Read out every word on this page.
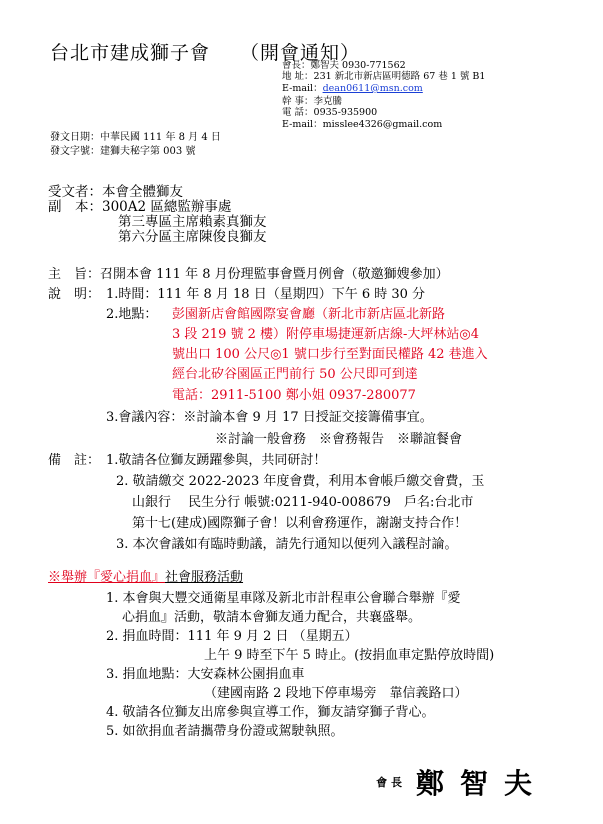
台北市建成獅子會 （開會通知）
會長：鄭智夫 0930-771562
地 址：231 新北市新店區明德路 67 巷 1 號 B1
E-mail：dean0611@msn.com
幹 事：李克騰
電 話：0935-935900
E-mail：misslee4326@gmail.com
發文日期：中華民國 111 年 8 月 4 日
發文字號：建獅夫秘字第 003 號
受文者：本會全體獅友
副　本：300A2 區總監辦事處
第三專區主席賴素真獅友
第六分區主席陳俊良獅友
主　旨：召開本會 111 年 8 月份理監事會暨月例會（敬邀獅嫂參加）
說　明： 1.時間：111 年 8 月 18 日（星期四）下午 6 時 30 分
2.地點： 彭園新店會館國際宴會廳（新北市新店區北新路
3 段 219 號 2 樓）附停車場捷運新店線-大坪林站◎4
號出口 100 公尺◎1 號口步行至對面民權路 42 巷進入
經台北矽谷園區正門前行 50 公尺即可到達
電話：2911-5100 鄭小姐 0937-280077
3.會議內容：※討論本會 9 月 17 日授証交接籌備事宜。
※討論一般會務　※會務報告　※聯誼餐會
備　註： 1.敬請各位獅友踴躍參與，共同研討！
2. 敬請繳交 2022-2023 年度會費，利用本會帳戶繳交會費，玉
山銀行　 民生分行 帳號:0211-940-008679　戶名:台北市
第十七(建成)國際獅子會！以利會務運作，謝謝支持合作！
3. 本次會議如有臨時動議，請先行通知以便列入議程討論。
※舉辦『愛心捐血』社會服務活動
1. 本會與大豐交通衛星車隊及新北市計程車公會聯合舉辦『愛
心捐血』活動，敬請本會獅友通力配合，共襄盛舉。
2. 捐血時間：111 年 9 月 2 日 （星期五）
上午 9 時至下午 5 時止。(按捐血車定點停放時間)
3. 捐血地點：大安森林公園捐血車
（建國南路 2 段地下停車場旁　靠信義路口）
4. 敬請各位獅友出席參與宣導工作，獅友請穿獅子背心。
5. 如欲捐血者請攜帶身份證或駕駛執照。
會 長 鄭智夫
